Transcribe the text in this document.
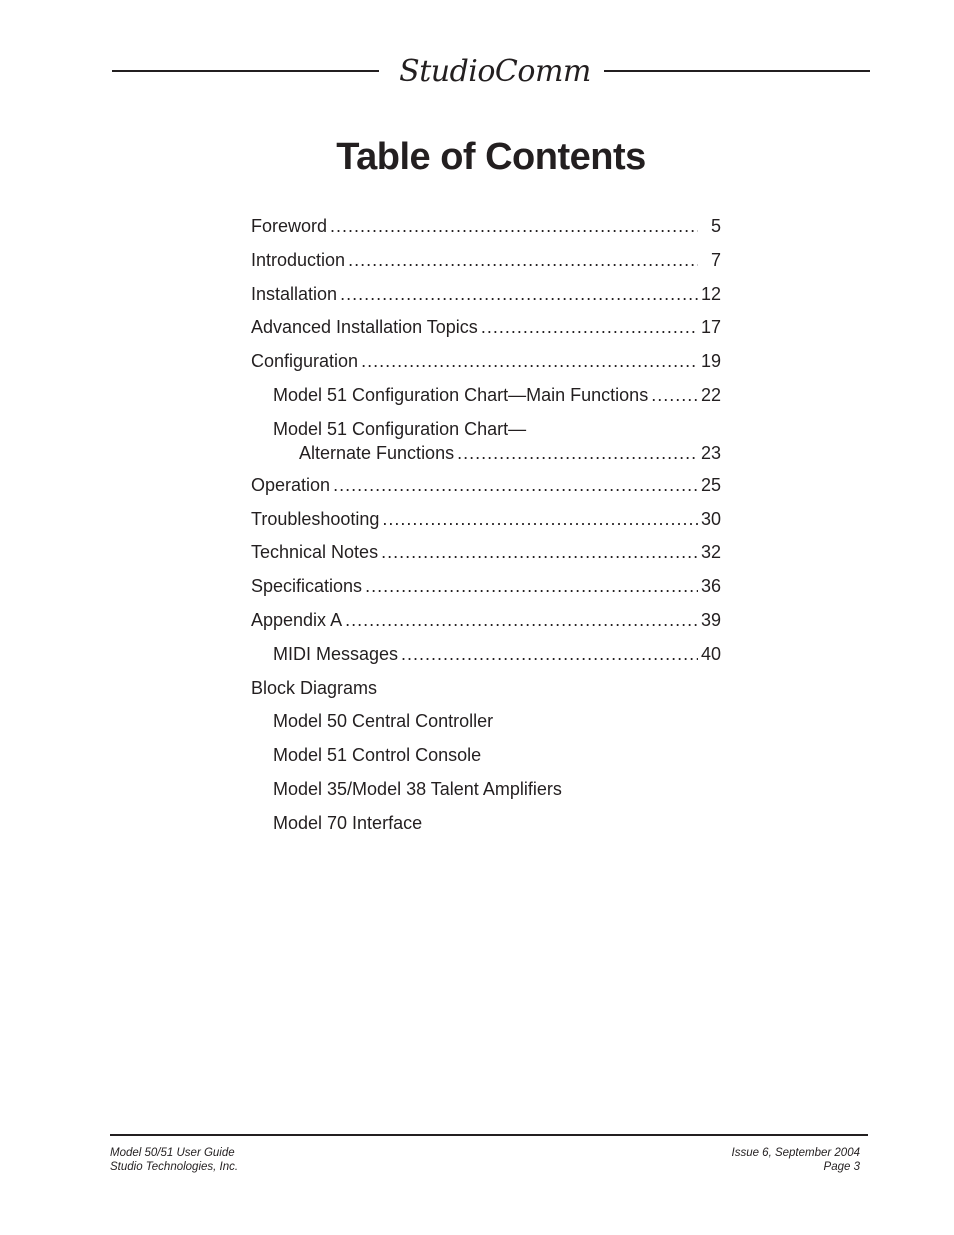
StudioComm
Table of Contents
Foreword .....	5
Introduction .....	7
Installation .....	12
Advanced Installation Topics .....	17
Configuration .....	19
Model 51 Configuration Chart—Main Functions .....	22
Model 51 Configuration Chart—
Alternate Functions .....	23
Operation .....	25
Troubleshooting .....	30
Technical Notes .....	32
Specifications .....	36
Appendix A .....	39
MIDI Messages .....	40
Block Diagrams
Model 50 Central Controller
Model 51 Control Console
Model 35/Model 38 Talent Amplifiers
Model 70 Interface
Model 50/51 User Guide
Studio Technologies, Inc.
Issue 6, September 2004
Page 3
